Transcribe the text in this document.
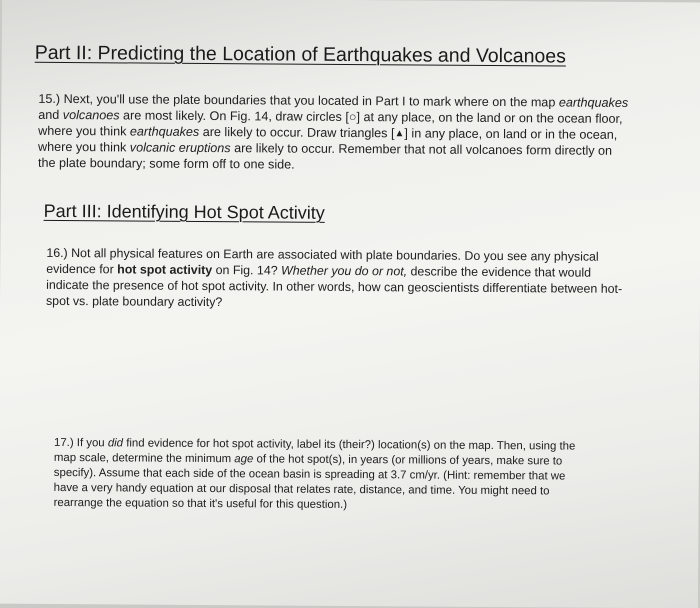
Part II: Predicting the Location of Earthquakes and Volcanoes
15.) Next, you'll use the plate boundaries that you located in Part I to mark where on the map earthquakes
and volcanoes are most likely. On Fig. 14, draw circles [○] at any place, on the land or on the ocean floor,
where you think earthquakes are likely to occur. Draw triangles [▲] in any place, on land or in the ocean,
where you think volcanic eruptions are likely to occur. Remember that not all volcanoes form directly on
the plate boundary; some form off to one side.
Part III: Identifying Hot Spot Activity
16.) Not all physical features on Earth are associated with plate boundaries. Do you see any physical
evidence for hot spot activity on Fig. 14? Whether you do or not, describe the evidence that would
indicate the presence of hot spot activity. In other words, how can geoscientists differentiate between hot-
spot vs. plate boundary activity?
17.) If you did find evidence for hot spot activity, label its (their?) location(s) on the map. Then, using the
map scale, determine the minimum age of the hot spot(s), in years (or millions of years, make sure to
specify). Assume that each side of the ocean basin is spreading at 3.7 cm/yr. (Hint: remember that we
have a very handy equation at our disposal that relates rate, distance, and time. You might need to
rearrange the equation so that it's useful for this question.)
